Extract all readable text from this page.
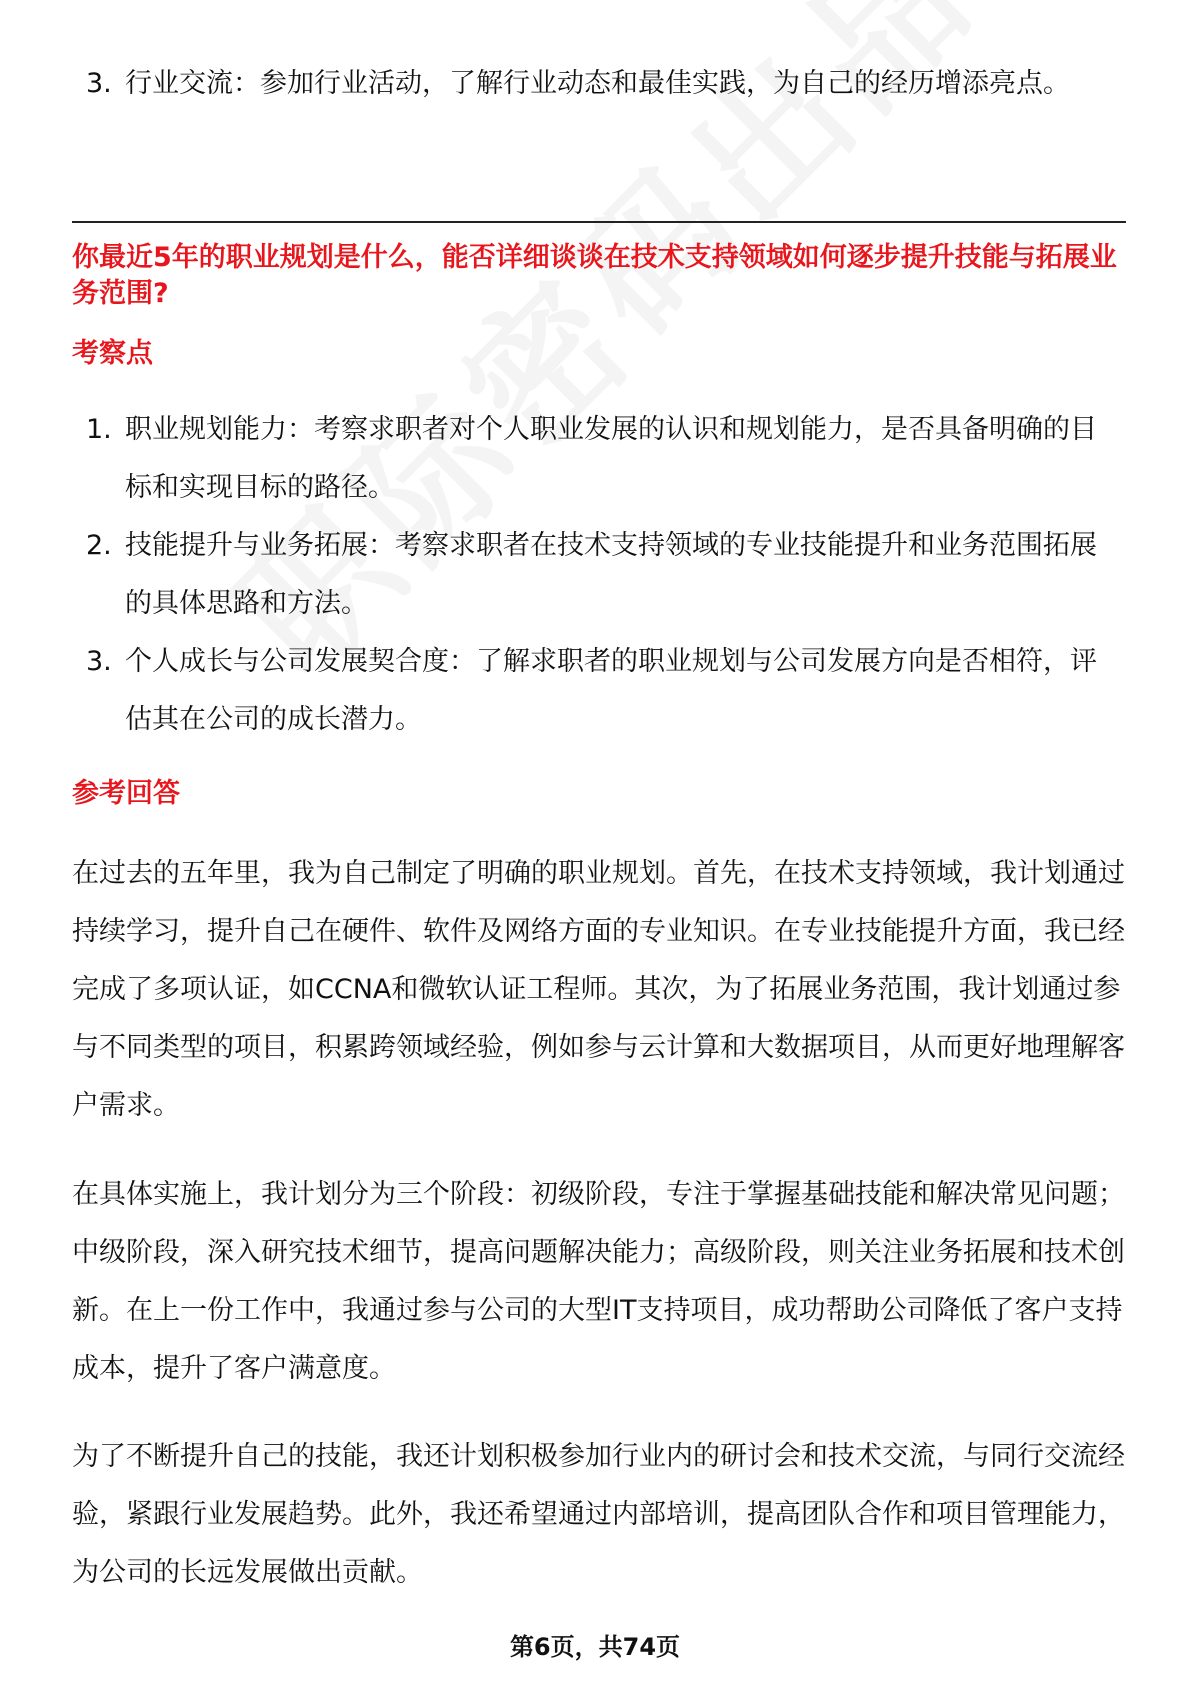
3. 行业交流：参加行业活动，了解行业动态和最佳实践，为自己的经历增添亮点。
你最近5年的职业规划是什么，能否详细谈谈在技术支持领域如何逐步提升技能与拓展业务范围?
考察点
1. 职业规划能力：考察求职者对个人职业发展的认识和规划能力，是否具备明确的目标和实现目标的路径。
2. 技能提升与业务拓展：考察求职者在技术支持领域的专业技能提升和业务范围拓展的具体思路和方法。
3. 个人成长与公司发展契合度：了解求职者的职业规划与公司发展方向是否相符，评估其在公司的成长潜力。
参考回答

在过去的五年里，我为自己制定了明确的职业规划。首先，在技术支持领域，我计划通过持续学习，提升自己在硬件、软件及网络方面的专业知识。在专业技能提升方面，我已经完成了多项认证，如CCNA和微软认证工程师。其次，为了拓展业务范围，我计划通过参与不同类型的项目，积累跨领域经验，例如参与云计算和大数据项目，从而更好地理解客户需求。

在具体实施上，我计划分为三个阶段：初级阶段，专注于掌握基础技能和解决常见问题；中级阶段，深入研究技术细节，提高问题解决能力；高级阶段，则关注业务拓展和技术创新。在上一份工作中，我通过参与公司的大型IT支持项目，成功帮助公司降低了客户支持成本，提升了客户满意度。

为了不断提升自己的技能，我还计划积极参加行业内的研讨会和技术交流，与同行交流经验，紧跟行业发展趋势。此外，我还希望通过内部培训，提高团队合作和项目管理能力，为公司的长远发展做出贡献。

第6页，共74页
